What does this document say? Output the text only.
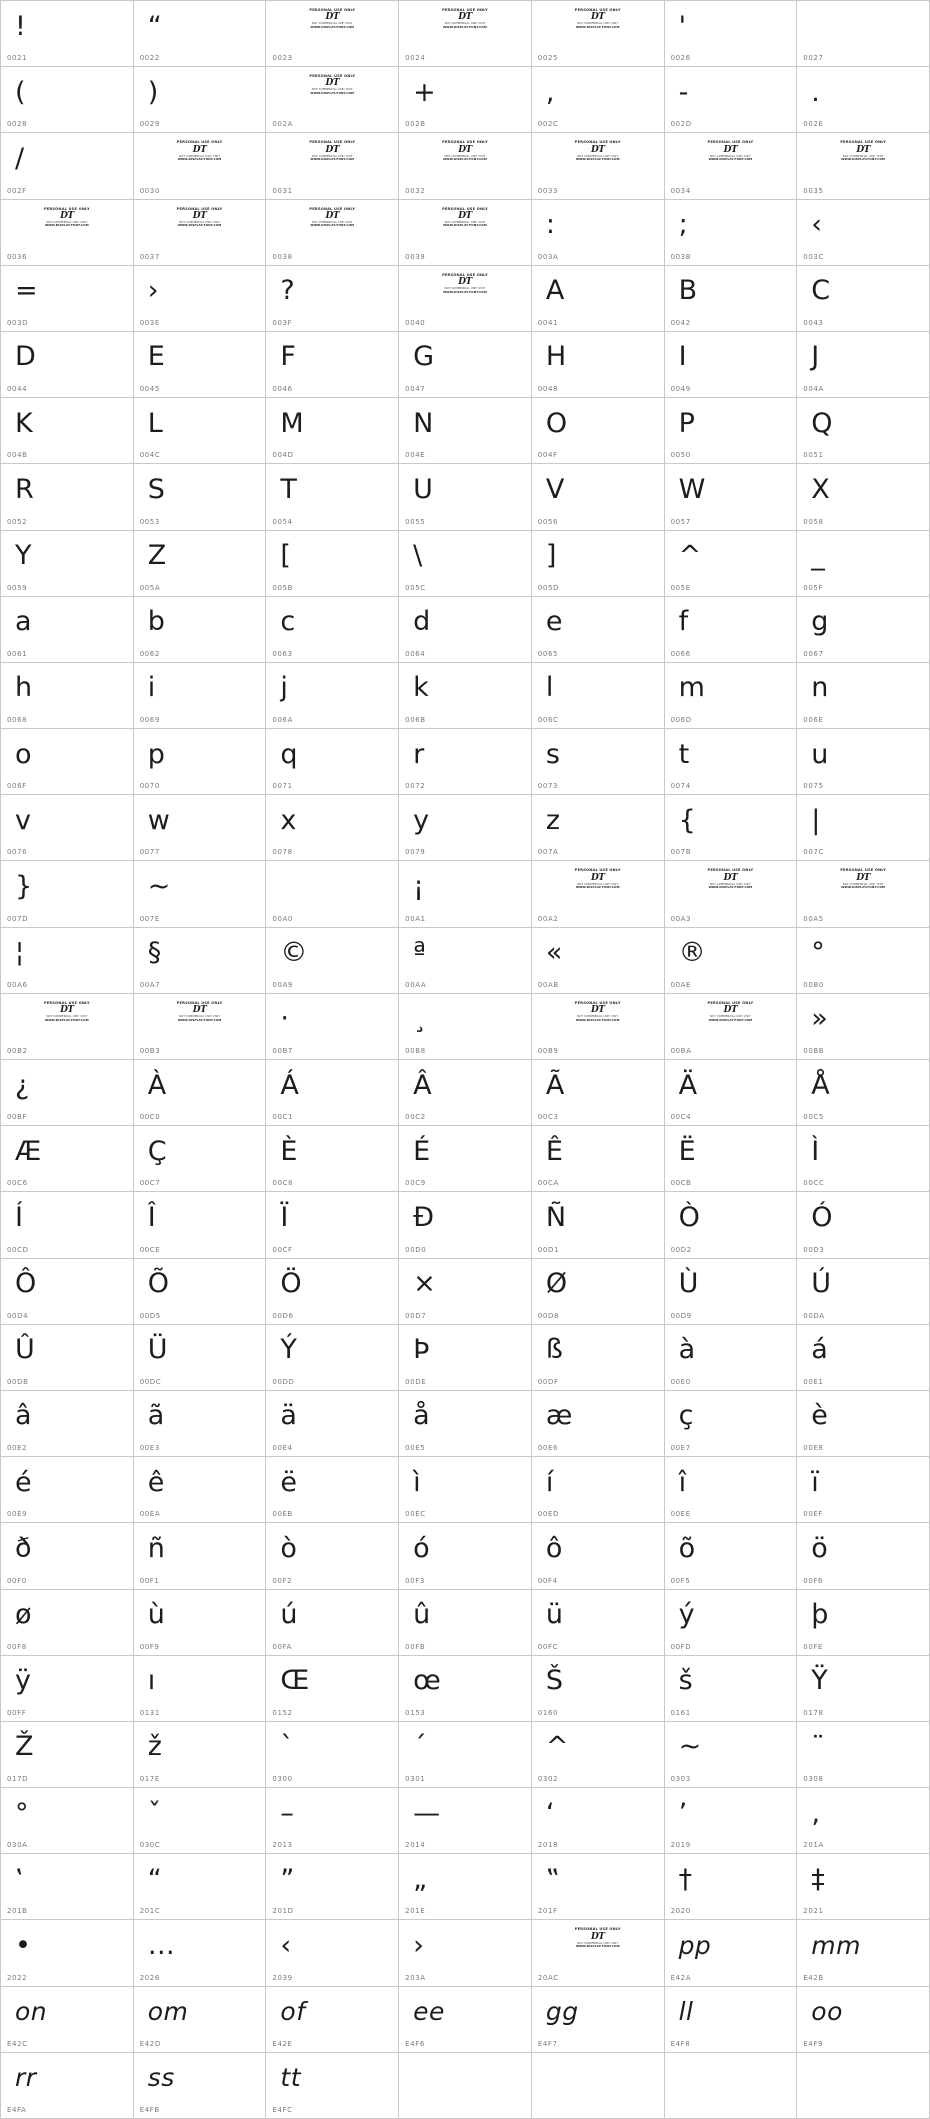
!
0021
“
0022
PERSONAL USE ONLY
DT
NOT COMMERCIAL USE! VISIT
WWW.DISPLAY-FONT.COM
0023
PERSONAL USE ONLY
DT
NOT COMMERCIAL USE! VISIT
WWW.DISPLAY-FONT.COM
0024
PERSONAL USE ONLY
DT
NOT COMMERCIAL USE! VISIT
WWW.DISPLAY-FONT.COM
0025
'
0026	0027
(
0028
)
0029
PERSONAL USE ONLY
DT
NOT COMMERCIAL USE! VISIT
WWW.DISPLAY-FONT.COM
002A
+
002B
,
002C
-
002D
.
002E
/
002F
PERSONAL USE ONLY
DT
NOT COMMERCIAL USE! VISIT
WWW.DISPLAY-FONT.COM
0030
PERSONAL USE ONLY
DT
NOT COMMERCIAL USE! VISIT
WWW.DISPLAY-FONT.COM
0031
PERSONAL USE ONLY
DT
NOT COMMERCIAL USE! VISIT
WWW.DISPLAY-FONT.COM
0032
PERSONAL USE ONLY
DT
NOT COMMERCIAL USE! VISIT
WWW.DISPLAY-FONT.COM
0033
PERSONAL USE ONLY
DT
NOT COMMERCIAL USE! VISIT
WWW.DISPLAY-FONT.COM
0034
PERSONAL USE ONLY
DT
NOT COMMERCIAL USE! VISIT
WWW.DISPLAY-FONT.COM
0035
PERSONAL USE ONLY
DT
NOT COMMERCIAL USE! VISIT
WWW.DISPLAY-FONT.COM
0036
PERSONAL USE ONLY
DT
NOT COMMERCIAL USE! VISIT
WWW.DISPLAY-FONT.COM
0037
PERSONAL USE ONLY
DT
NOT COMMERCIAL USE! VISIT
WWW.DISPLAY-FONT.COM
0038
PERSONAL USE ONLY
DT
NOT COMMERCIAL USE! VISIT
WWW.DISPLAY-FONT.COM
0039
:
003A
;
003B
‹
003C
=
003D
›
003E
?
003F
PERSONAL USE ONLY
DT
NOT COMMERCIAL USE! VISIT
WWW.DISPLAY-FONT.COM
0040
A
0041
B
0042
C
0043
D
0044
E
0045
F
0046
G
0047
H
0048
I
0049
J
004A
K
004B
L
004C
M
004D
N
004E
O
004F
P
0050
Q
0051
R
0052
S
0053
T
0054
U
0055
V
0056
W
0057
X
0058
Y
0059
Z
005A
[
005B
\
005C
]
005D
^
005E
_
005F
a
0061
b
0062
c
0063
d
0064
e
0065
f
0066
g
0067
h
0068
i
0069
j
006A
k
006B
l
006C
m
006D
n
006E
o
006F
p
0070
q
0071
r
0072
s
0073
t
0074
u
0075
v
0076
w
0077
x
0078
y
0079
z
007A
{
007B
|
007C
}
007D
~
007E	00A0
¡
00A1
PERSONAL USE ONLY
DT
NOT COMMERCIAL USE! VISIT
WWW.DISPLAY-FONT.COM
00A2
PERSONAL USE ONLY
DT
NOT COMMERCIAL USE! VISIT
WWW.DISPLAY-FONT.COM
00A3
PERSONAL USE ONLY
DT
NOT COMMERCIAL USE! VISIT
WWW.DISPLAY-FONT.COM
00A5
¦
00A6
§
00A7
©
00A9
ª
00AA
«
00AB
®
00AE
°
00B0
PERSONAL USE ONLY
DT
NOT COMMERCIAL USE! VISIT
WWW.DISPLAY-FONT.COM
00B2
PERSONAL USE ONLY
DT
NOT COMMERCIAL USE! VISIT
WWW.DISPLAY-FONT.COM
00B3
·
00B7
¸
00B8
PERSONAL USE ONLY
DT
NOT COMMERCIAL USE! VISIT
WWW.DISPLAY-FONT.COM
00B9
PERSONAL USE ONLY
DT
NOT COMMERCIAL USE! VISIT
WWW.DISPLAY-FONT.COM
00BA
»
00BB
¿
00BF
À
00C0
Á
00C1
Â
00C2
Ã
00C3
Ä
00C4
Å
00C5
Æ
00C6
Ç
00C7
È
00C8
É
00C9
Ê
00CA
Ë
00CB
Ì
00CC
Í
00CD
Î
00CE
Ï
00CF
Ð
00D0
Ñ
00D1
Ò
00D2
Ó
00D3
Ô
00D4
Õ
00D5
Ö
00D6
×
00D7
Ø
00D8
Ù
00D9
Ú
00DA
Û
00DB
Ü
00DC
Ý
00DD
Þ
00DE
ß
00DF
à
00E0
á
00E1
â
00E2
ã
00E3
ä
00E4
å
00E5
æ
00E6
ç
00E7
è
00E8
é
00E9
ê
00EA
ë
00EB
ì
00EC
í
00ED
î
00EE
ï
00EF
ð
00F0
ñ
00F1
ò
00F2
ó
00F3
ô
00F4
õ
00F5
ö
00F6
ø
00F8
ù
00F9
ú
00FA
û
00FB
ü
00FC
ý
00FD
þ
00FE
ÿ
00FF
ı
0131
Œ
0152
œ
0153
Š
0160
š
0161
Ÿ
0178
Ž
017D
ž
017E
`
0300
´
0301
^
0302
~
0303
¨
0308
°
030A
ˇ
030C
–
2013
—
2014
‘
2018
’
2019
‚
201A
‛
201B
“
201C
”
201D
„
201E
‟
201F
†
2020
‡
2021
•
2022
…
2026
‹
2039
›
203A
PERSONAL USE ONLY
DT
NOT COMMERCIAL USE! VISIT
WWW.DISPLAY-FONT.COM
20AC
pp
E42A
mm
E42B
on
E42C
om
E42D
of
E42E
ee
E4F6
gg
E4F7
ll
E4F8
oo
E4F9
rr
E4FA
ss
E4FB
tt
E4FC
